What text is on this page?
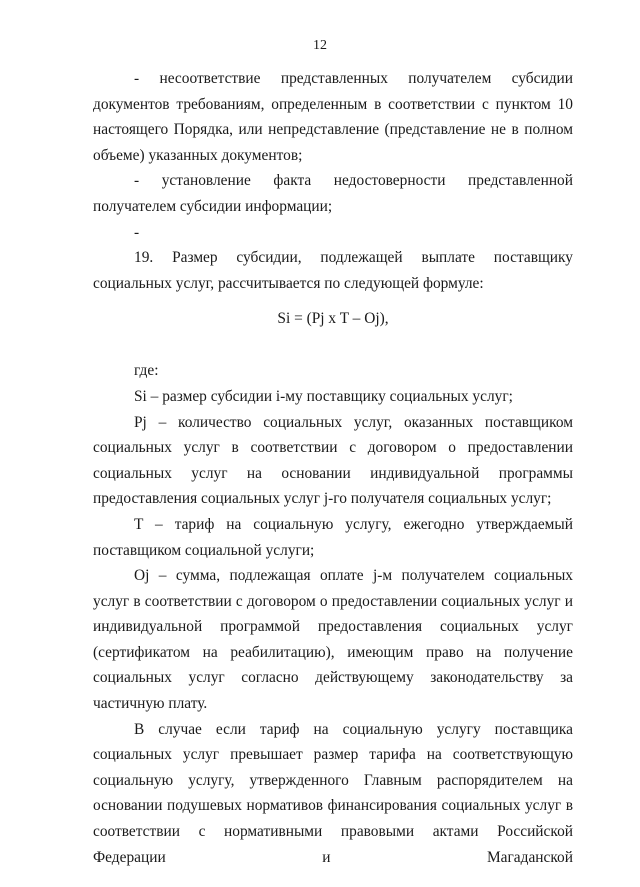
12

- несоответствие представленных получателем субсидии документов требованиям, определенным в соответствии с пунктом 10 настоящего Порядка, или непредставление (представление не в полном объеме) указанных документов;

- установление факта недостоверности представленной получателем субсидии информации;

-

19. Размер субсидии, подлежащей выплате поставщику социальных услуг, рассчитывается по следующей формуле:

Si = (Pj x T – Oj),

где:

Si – размер субсидии i-му поставщику социальных услуг;

Pj – количество социальных услуг, оказанных поставщиком социальных услуг в соответствии с договором о предоставлении социальных услуг на основании индивидуальной программы предоставления социальных услуг j-го получателя социальных услуг;

T – тариф на социальную услугу, ежегодно утверждаемый поставщиком социальной услуги;

Oj – сумма, подлежащая оплате j-м получателем социальных услуг в соответствии с договором о предоставлении социальных услуг и индивидуальной программой предоставления социальных услуг (сертификатом на реабилитацию), имеющим право на получение социальных услуг согласно действующему законодательству за частичную плату.

В случае если тариф на социальную услугу поставщика социальных услуг превышает размер тарифа на соответствующую социальную услугу, утвержденного Главным распорядителем на основании подушевых нормативов финансирования социальных услуг в соответствии с нормативными правовыми актами Российской Федерации и Магаданской
